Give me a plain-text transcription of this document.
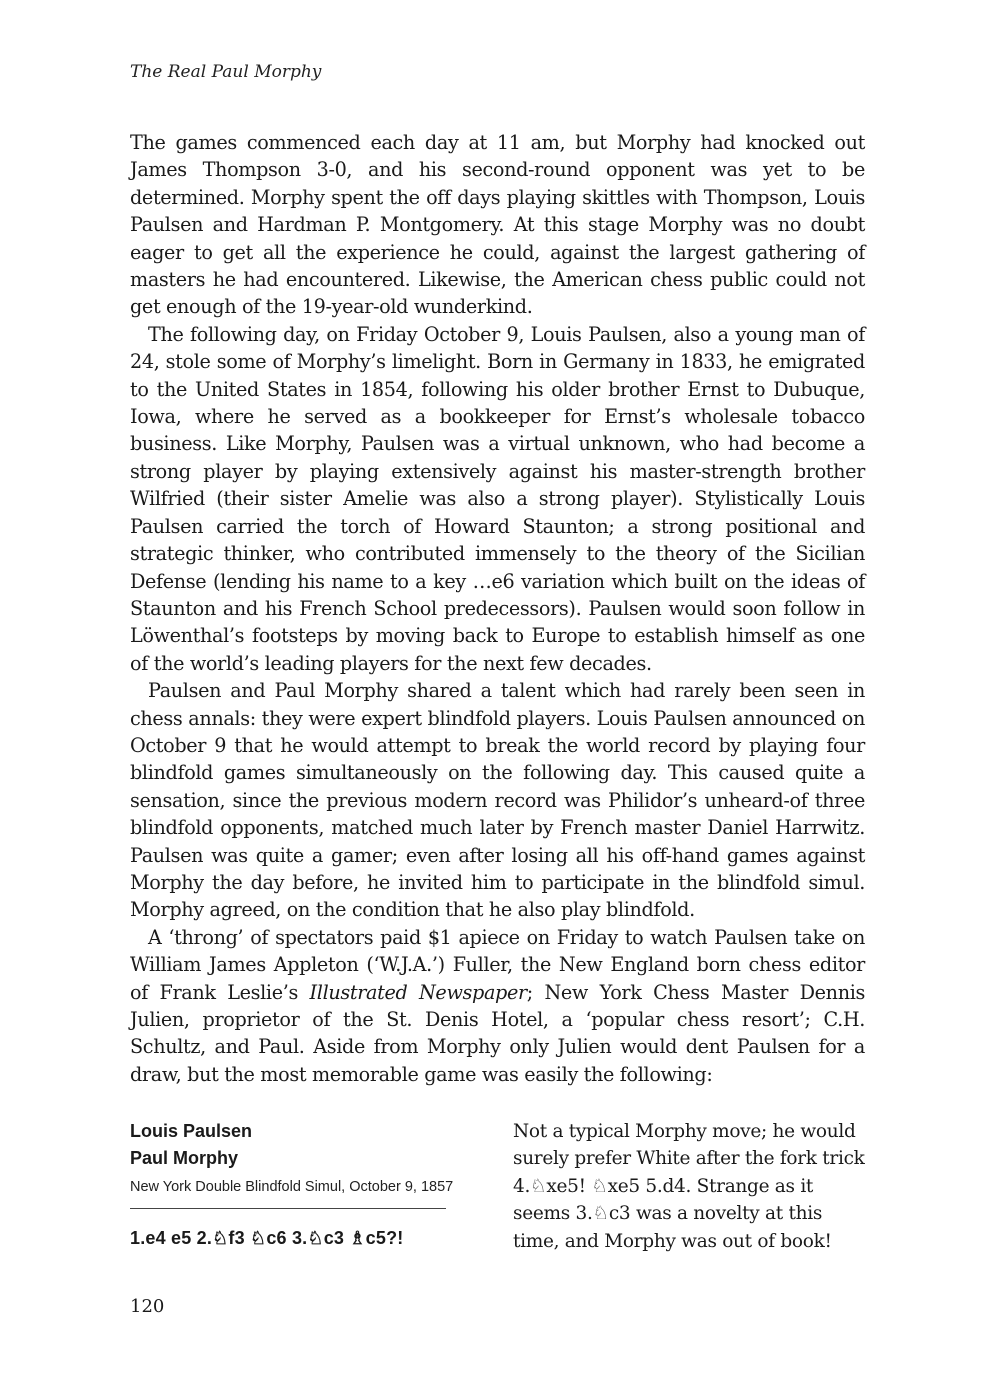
The Real Paul Morphy

The games commenced each day at 11 am, but Morphy had knocked out James Thompson 3-0, and his second-round opponent was yet to be determined. Morphy spent the off days playing skittles with Thompson, Louis Paulsen and Hardman P. Montgomery. At this stage Morphy was no doubt eager to get all the experience he could, against the largest gathering of masters he had encountered. Likewise, the American chess public could not get enough of the 19-year-old wunderkind.

The following day, on Friday October 9, Louis Paulsen, also a young man of 24, stole some of Morphy’s limelight. Born in Germany in 1833, he emigrated to the United States in 1854, following his older brother Ernst to Dubuque, Iowa, where he served as a bookkeeper for Ernst’s wholesale tobacco business. Like Morphy, Paulsen was a virtual unknown, who had become a strong player by playing extensively against his master-strength brother Wilfried (their sister Amelie was also a strong player). Stylistically Louis Paulsen carried the torch of Howard Staunton; a strong positional and strategic thinker, who contributed immensely to the theory of the Sicilian Defense (lending his name to a key …e6 variation which built on the ideas of Staunton and his French School predecessors). Paulsen would soon follow in Löwenthal’s footsteps by moving back to Europe to establish himself as one of the world’s leading players for the next few decades.

Paulsen and Paul Morphy shared a talent which had rarely been seen in chess annals: they were expert blindfold players. Louis Paulsen announced on October 9 that he would attempt to break the world record by playing four blindfold games simultaneously on the following day. This caused quite a sensation, since the previous modern record was Philidor’s unheard-of three blindfold opponents, matched much later by French master Daniel Harrwitz. Paulsen was quite a gamer; even after losing all his off-hand games against Morphy the day before, he invited him to participate in the blindfold simul. Morphy agreed, on the condition that he also play blindfold.

A ‘throng’ of spectators paid $1 apiece on Friday to watch Paulsen take on William James Appleton (‘W.J.A.’) Fuller, the New England born chess editor of Frank Leslie’s Illustrated Newspaper; New York Chess Master Dennis Julien, proprietor of the St. Denis Hotel, a ‘popular chess resort’; C.H. Schultz, and Paul. Aside from Morphy only Julien would dent Paulsen for a draw, but the most memorable game was easily the following:

Louis Paulsen
Paul Morphy
New York Double Blindfold Simul, October 9, 1857
1.e4 e5 2.♘f3 ♘c6 3.♘c3 ♗c5?!
Not a typical Morphy move; he would surely prefer White after the fork trick 4.♘xe5! ♘xe5 5.d4. Strange as it seems 3.♘c3 was a novelty at this time, and Morphy was out of book!
120
